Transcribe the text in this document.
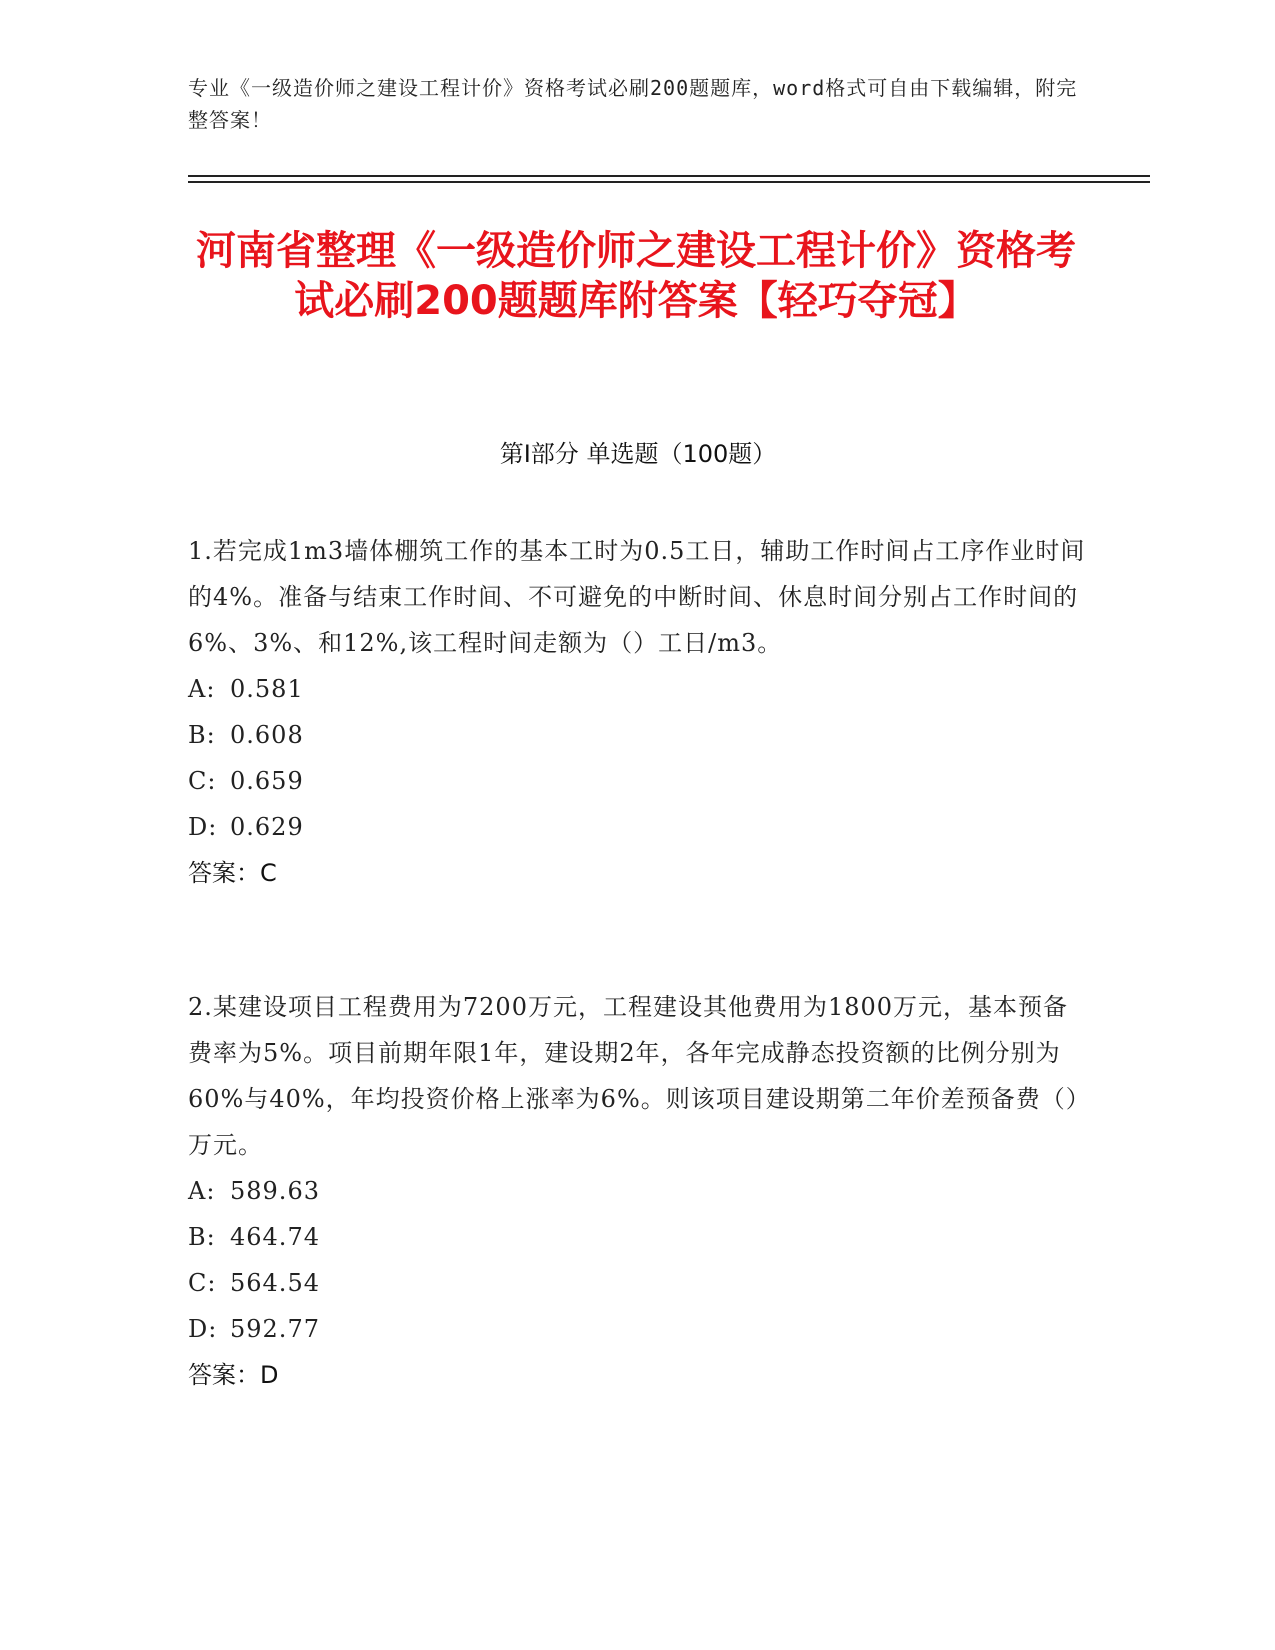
专业《一级造价师之建设工程计价》资格考试必刷200题题库，word格式可自由下载编辑，附完整答案！
河南省整理《一级造价师之建设工程计价》资格考试必刷200题题库附答案【轻巧夺冠】
第I部分 单选题（100题）

1.若完成1m3墙体棚筑工作的基本工时为0.5工日，辅助工作时间占工序作业时间的4%。准备与结束工作时间、不可避免的中断时间、休息时间分别占工作时间的6%、3%、和12%,该工程时间走额为（）工日/m3。

A: 0.581
B: 0.608
C: 0.659
D: 0.629
答案：C

2.某建设项目工程费用为7200万元，工程建设其他费用为1800万元，基本预备费率为5%。项目前期年限1年，建设期2年，各年完成静态投资额的比例分别为60%与40%，年均投资价格上涨率为6%。则该项目建设期第二年价差预备费（）万元。

A: 589.63
B: 464.74
C: 564.54
D: 592.77
答案：D
